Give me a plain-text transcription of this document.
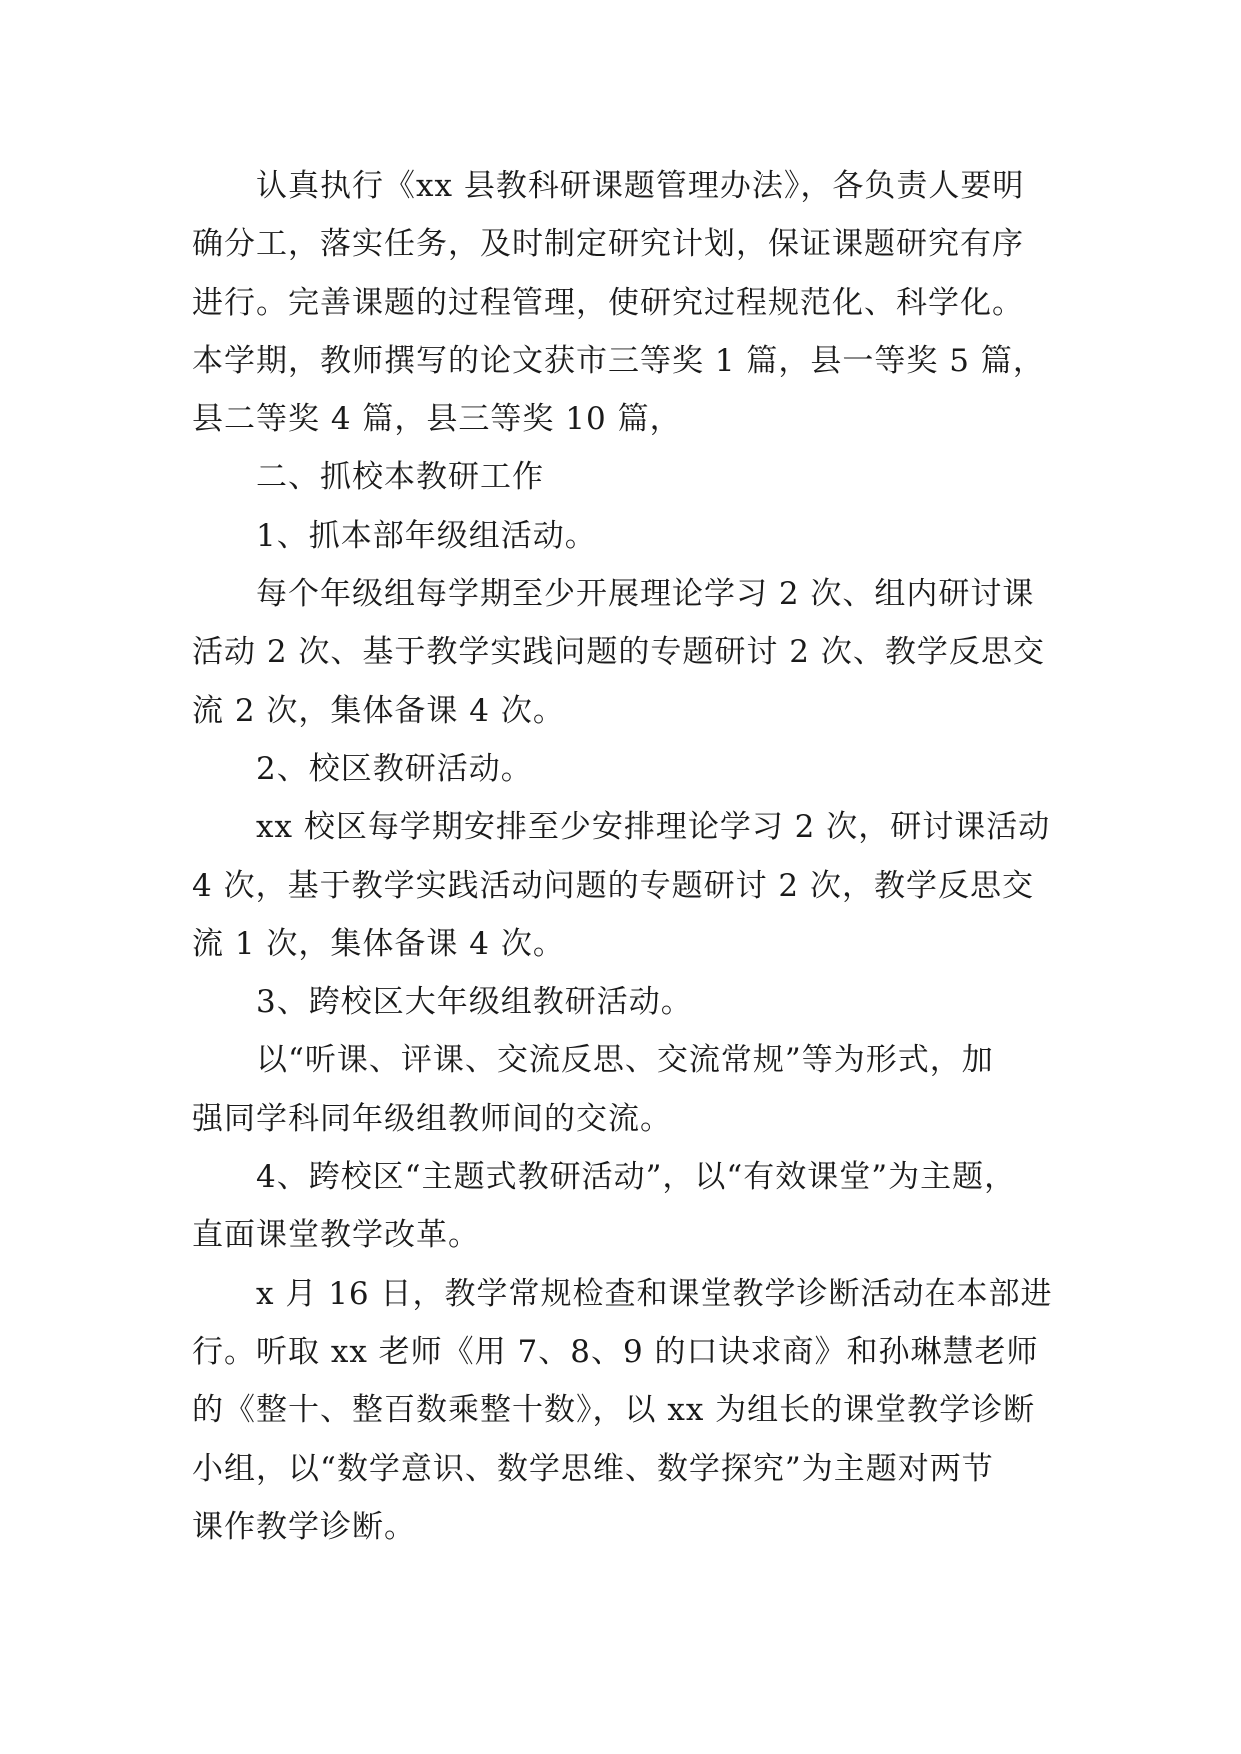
认真执行《xx 县教科研课题管理办法》，各负责人要明
确分工，落实任务，及时制定研究计划，保证课题研究有序
进行。完善课题的过程管理，使研究过程规范化、科学化。
本学期，教师撰写的论文获市三等奖 1 篇，县一等奖 5 篇，
县二等奖 4 篇，县三等奖 10 篇，
二、抓校本教研工作
1、抓本部年级组活动。
每个年级组每学期至少开展理论学习 2 次、组内研讨课
活动 2 次、基于教学实践问题的专题研讨 2 次、教学反思交
流 2 次，集体备课 4 次。
2、校区教研活动。
xx 校区每学期安排至少安排理论学习 2 次，研讨课活动
4 次，基于教学实践活动问题的专题研讨 2 次，教学反思交
流 1 次，集体备课 4 次。
3、跨校区大年级组教研活动。
以“听课、评课、交流反思、交流常规”等为形式，加
强同学科同年级组教师间的交流。
4、跨校区“主题式教研活动”，以“有效课堂”为主题，
直面课堂教学改革。
x 月 16 日，教学常规检查和课堂教学诊断活动在本部进
行。听取 xx 老师《用 7、8、9 的口诀求商》和孙琳慧老师
的《整十、整百数乘整十数》，以 xx 为组长的课堂教学诊断
小组，以“数学意识、数学思维、数学探究”为主题对两节
课作教学诊断。
